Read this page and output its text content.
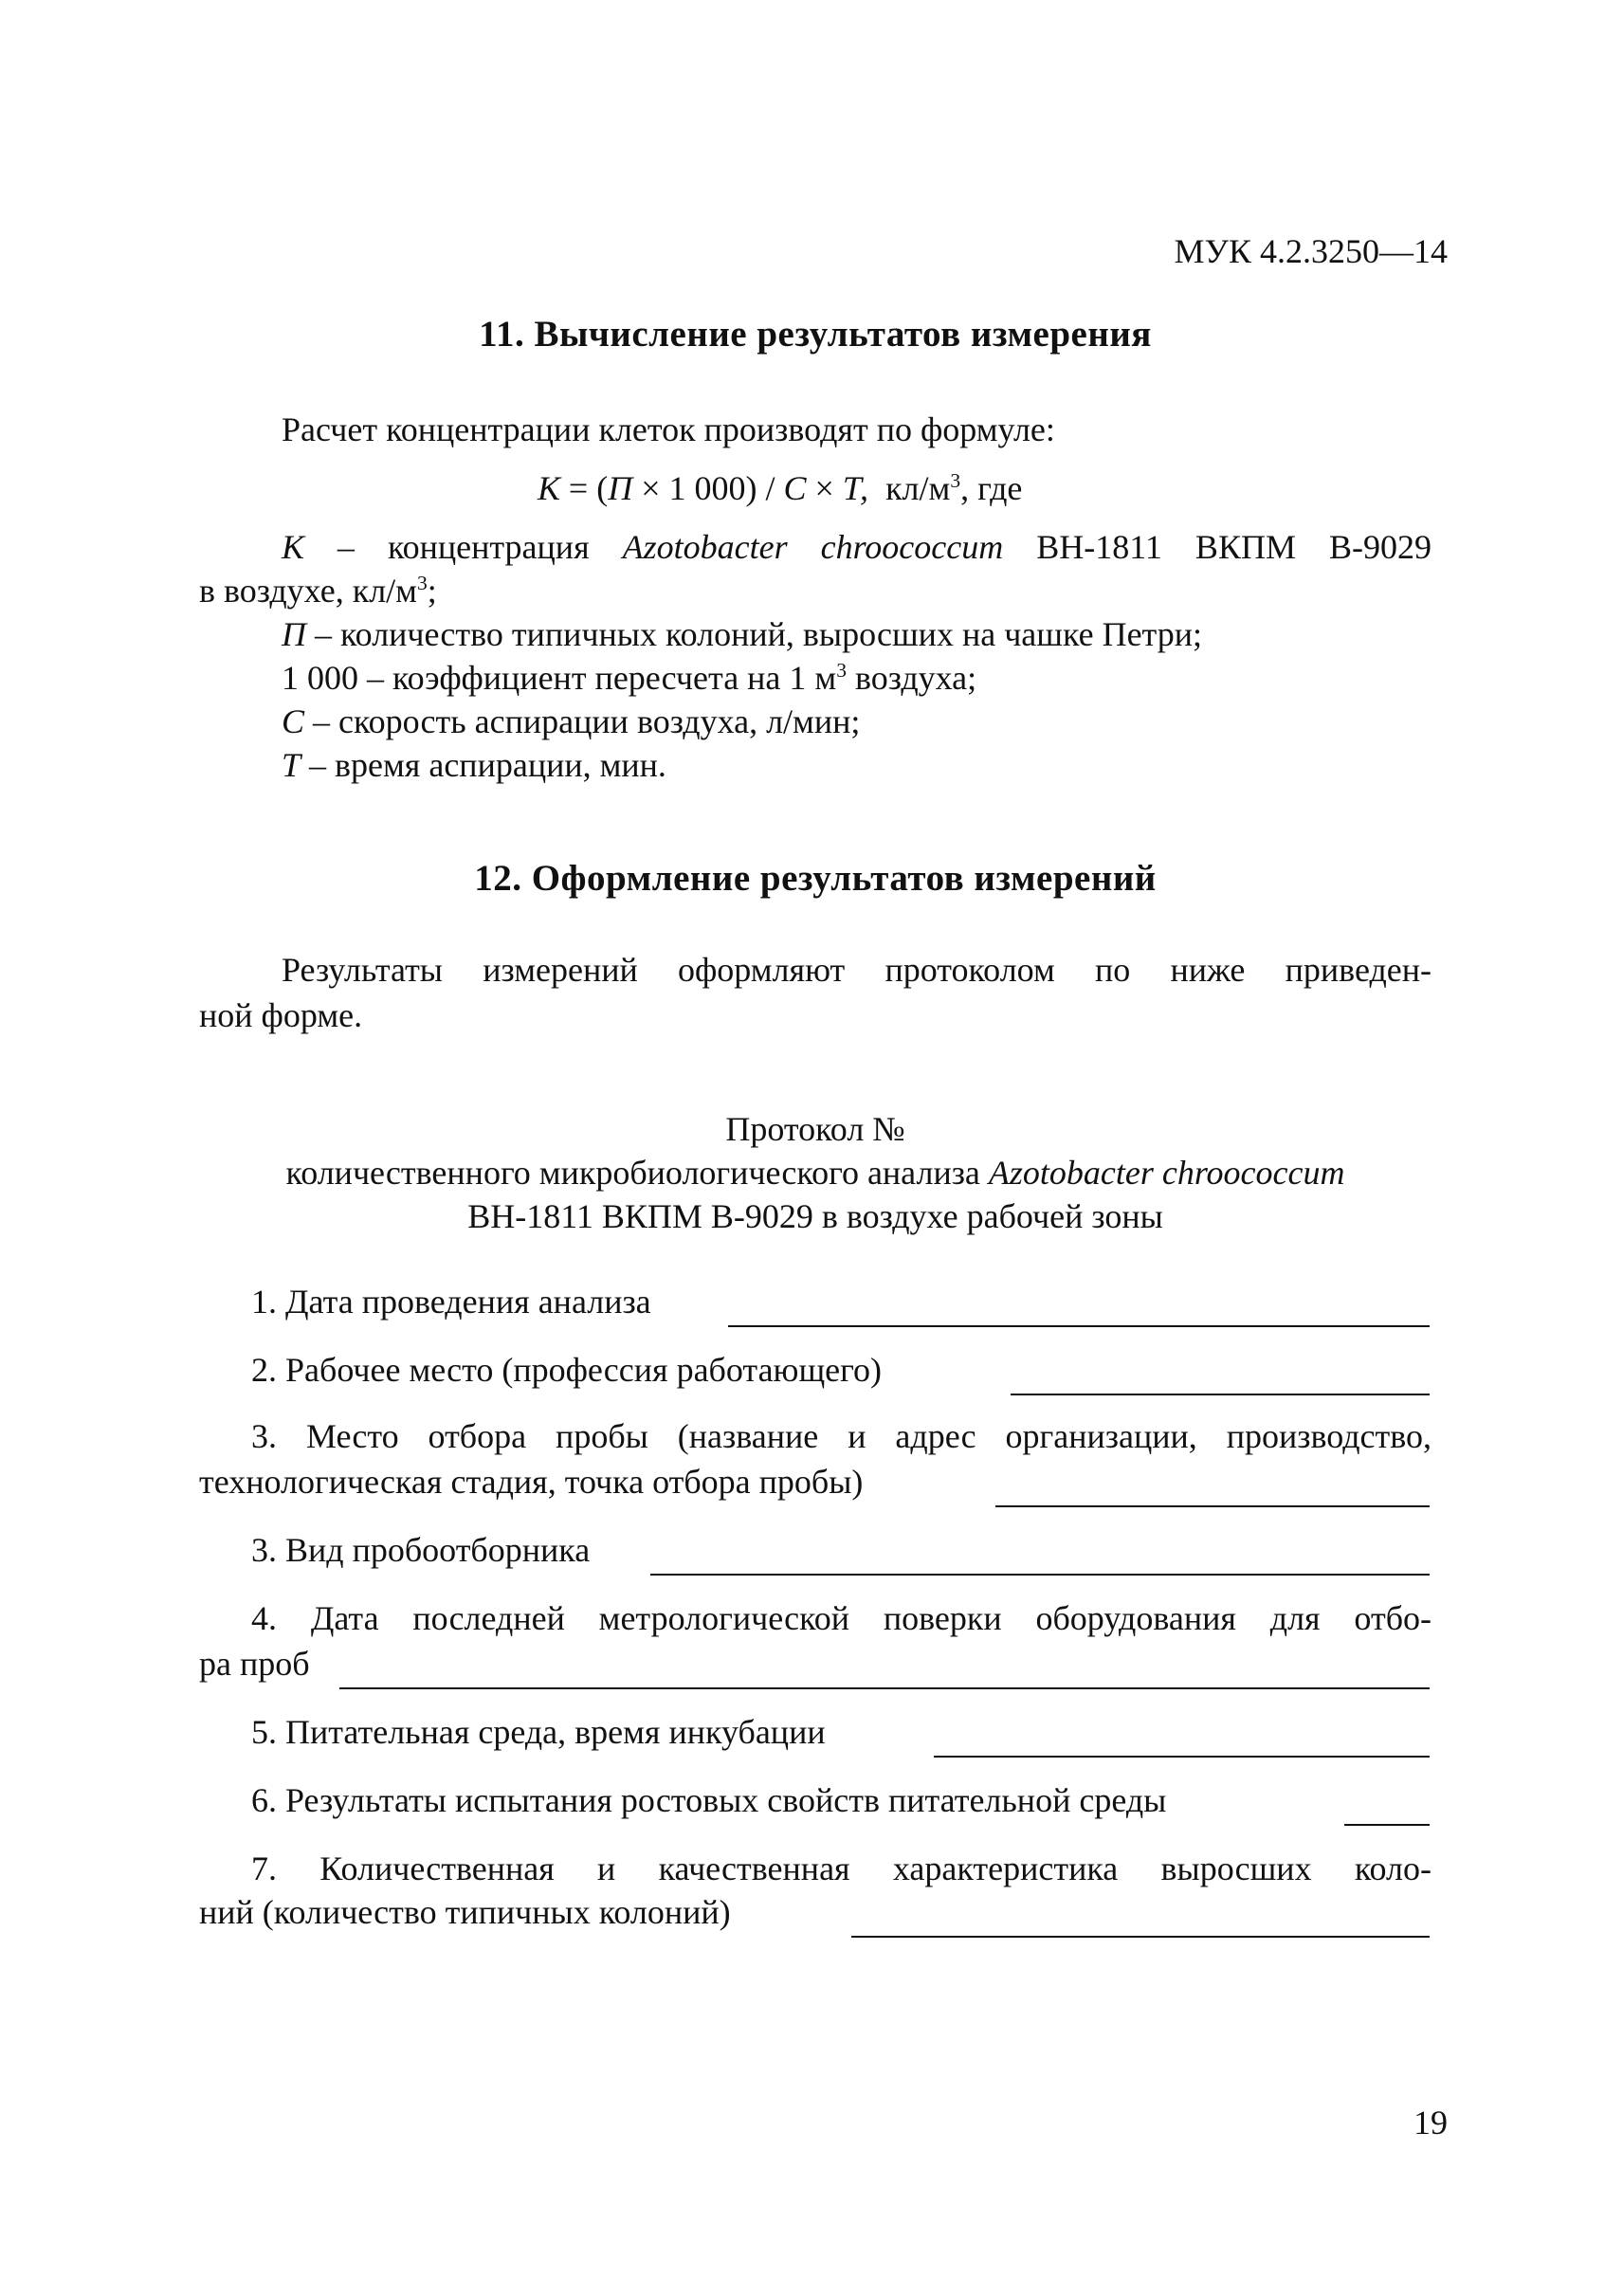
МУК 4.2.3250—14
11. Вычисление результатов измерения
Расчет концентрации клеток производят по формуле:
К = (П × 1 000) / С × Т,  $кл/м^3$, где
К – концентрация Azotobacter chroococcum ВН-1811 ВКПМ В-9029
в воздухе, $кл/м^3$;
П – количество типичных колоний, выросших на чашке Петри;
1 000 – коэффициент пересчета на 1 $м^3$ воздуха;
С – скорость аспирации воздуха, л/мин;
Т – время аспирации, мин.
12. Оформление результатов измерений
Результаты измерений оформляют протоколом по ниже приведен-
ной форме.
Протокол №
количественного микробиологического анализа Azotobacter chroococcum
ВН-1811 ВКПМ В-9029 в воздухе рабочей зоны
1. Дата проведения анализа
2. Рабочее место (профессия работающего)
3. Место отбора пробы (название и адрес организации, производство,
технологическая стадия, точка отбора пробы)
3. Вид пробоотборника
4. Дата последней метрологической поверки оборудования для отбо-
ра проб
5. Питательная среда, время инкубации
6. Результаты испытания ростовых свойств питательной среды
7. Количественная и качественная характеристика выросших коло-
ний (количество типичных колоний)
19
